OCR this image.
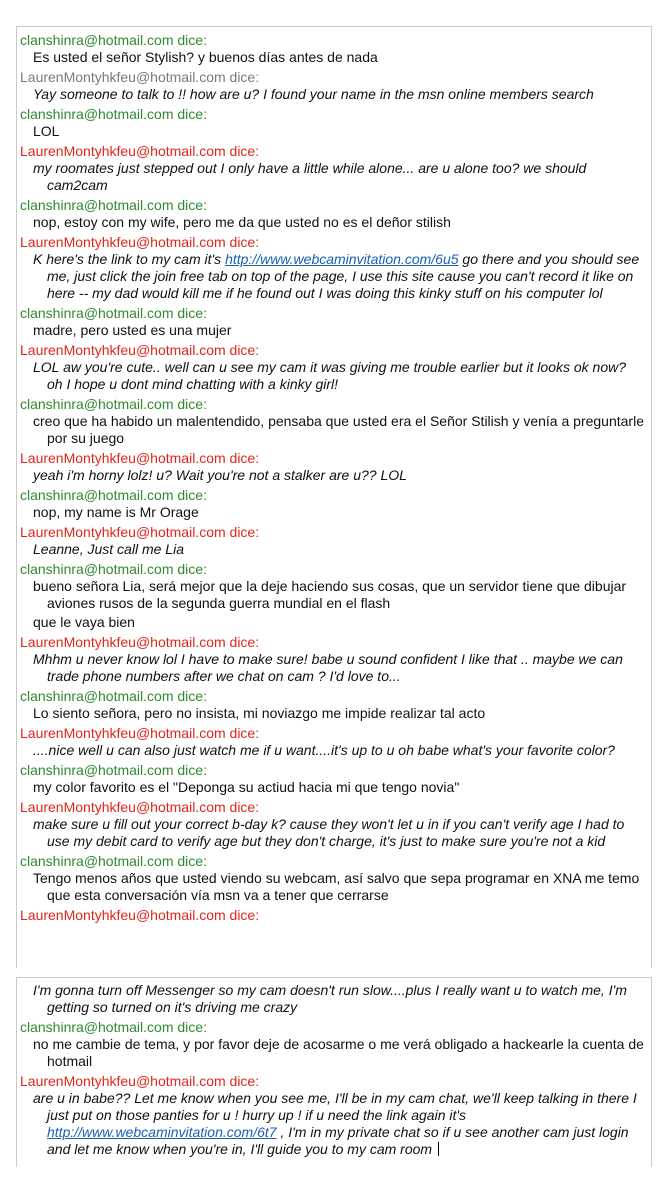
clanshinra@hotmail.com dice:
Es usted el señor Stylish? y buenos días antes de nada
LaurenMontyhkfeu@hotmail.com dice:
Yay someone to talk to !! how are u? I found your name in the msn online members search
clanshinra@hotmail.com dice:
LOL
LaurenMontyhkfeu@hotmail.com dice:
my roomates just stepped out I only have a little while alone... are u alone too? we should cam2cam
clanshinra@hotmail.com dice:
nop, estoy con my wife, pero me da que usted no es el deñor stilish
LaurenMontyhkfeu@hotmail.com dice:
K here's the link to my cam it's http://www.webcaminvitation.com/6u5 go there and you should see me, just click the join free tab on top of the page, I use this site cause you can't record it like on here -- my dad would kill me if he found out I was doing this kinky stuff on his computer lol
clanshinra@hotmail.com dice:
madre, pero usted es una mujer
LaurenMontyhkfeu@hotmail.com dice:
LOL aw you're cute.. well can u see my cam it was giving me trouble earlier but it looks ok now? oh I hope u dont mind chatting with a kinky girl!
clanshinra@hotmail.com dice:
creo que ha habido un malentendido, pensaba que usted era el Señor Stilish y venía a preguntarle por su juego
LaurenMontyhkfeu@hotmail.com dice:
yeah i'm horny lolz! u? Wait you're not a stalker are u?? LOL
clanshinra@hotmail.com dice:
nop, my name is Mr Orage
LaurenMontyhkfeu@hotmail.com dice:
Leanne, Just call me Lia
clanshinra@hotmail.com dice:
bueno señora Lia, será mejor que la deje haciendo sus cosas, que un servidor tiene que dibujar aviones rusos de la segunda guerra mundial en el flash
que le vaya bien
LaurenMontyhkfeu@hotmail.com dice:
Mhhm u never know lol I have to make sure! babe u sound confident I like that .. maybe we can trade phone numbers after we chat on cam ? I'd love to...
clanshinra@hotmail.com dice:
Lo siento señora, pero no insista, mi noviazgo me impide realizar tal acto
LaurenMontyhkfeu@hotmail.com dice:
....nice well u can also just watch me if u want....it's up to u oh babe what's your favorite color?
clanshinra@hotmail.com dice:
my color favorito es el "Deponga su actiud hacia mi que tengo novia"
LaurenMontyhkfeu@hotmail.com dice:
make sure u fill out your correct b-day k? cause they won't let u in if you can't verify age I had to use my debit card to verify age but they don't charge, it's just to make sure you're not a kid
clanshinra@hotmail.com dice:
Tengo menos años que usted viendo su webcam, así salvo que sepa programar en XNA me temo que esta conversación vía msn va a tener que cerrarse
LaurenMontyhkfeu@hotmail.com dice:
I'm gonna turn off Messenger so my cam doesn't run slow....plus I really want u to watch me, I'm getting so turned on it's driving me crazy
clanshinra@hotmail.com dice:
no me cambie de tema, y por favor deje de acosarme o me verá obligado a hackearle la cuenta de hotmail
LaurenMontyhkfeu@hotmail.com dice:
are u in babe?? Let me know when you see me, I'll be in my cam chat, we'll keep talking in there I just put on those panties for u ! hurry up ! if u need the link again it's http://www.webcaminvitation.com/6t7 , I'm in my private chat so if u see another cam just login and let me know when you're in, I'll guide you to my cam room
